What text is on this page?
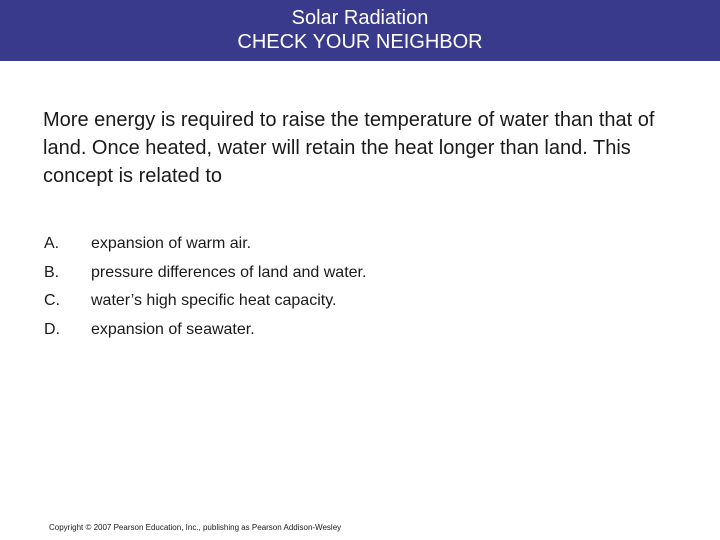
Solar Radiation
CHECK YOUR NEIGHBOR
More energy is required to raise the temperature of water than that of land. Once heated, water will retain the heat longer than land. This concept is related to
A.	expansion of warm air.
B.	pressure differences of land and water.
C.	water’s high specific heat capacity.
D.	expansion of seawater.
Copyright © 2007 Pearson Education, Inc., publishing as Pearson Addison-Wesley
